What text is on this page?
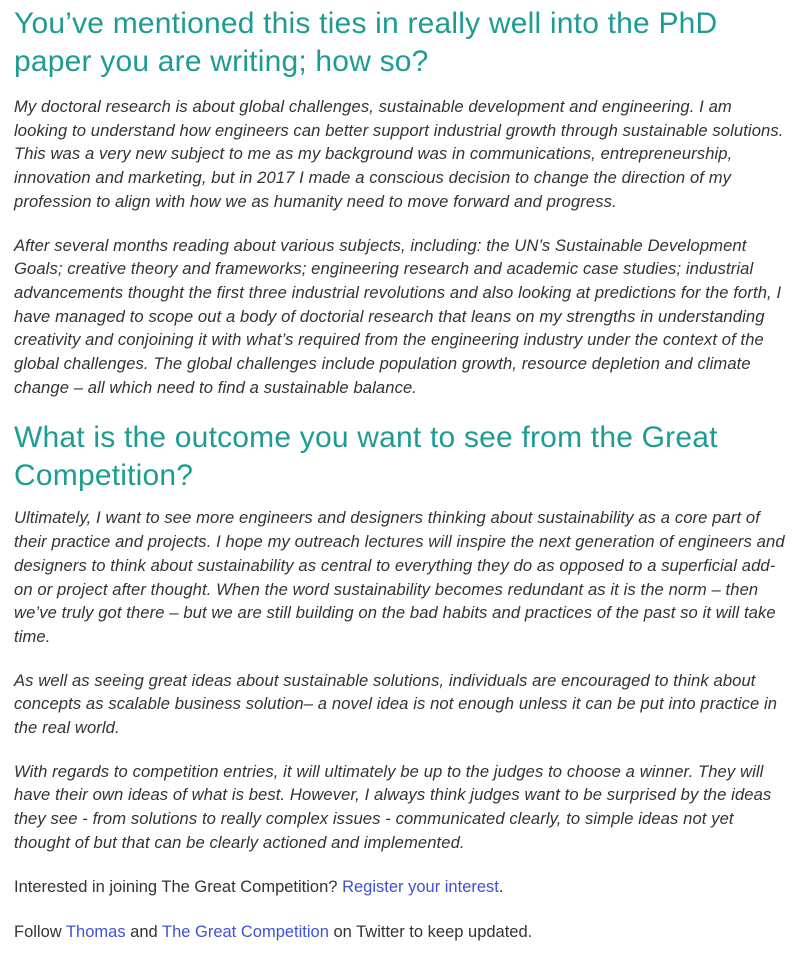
You’ve mentioned this ties in really well into the PhD paper you are writing; how so?

My doctoral research is about global challenges, sustainable development and engineering. I am looking to understand how engineers can better support industrial growth through sustainable solutions. This was a very new subject to me as my background was in communications, entrepreneurship, innovation and marketing, but in 2017 I made a conscious decision to change the direction of my profession to align with how we as humanity need to move forward and progress.

After several months reading about various subjects, including: the UN’s Sustainable Development Goals; creative theory and frameworks; engineering research and academic case studies; industrial advancements thought the first three industrial revolutions and also looking at predictions for the forth, I have managed to scope out a body of doctorial research that leans on my strengths in understanding creativity and conjoining it with what’s required from the engineering industry under the context of the global challenges. The global challenges include population growth, resource depletion and climate change – all which need to find a sustainable balance.

What is the outcome you want to see from the Great Competition?

Ultimately, I want to see more engineers and designers thinking about sustainability as a core part of their practice and projects. I hope my outreach lectures will inspire the next generation of engineers and designers to think about sustainability as central to everything they do as opposed to a superficial add-on or project after thought. When the word sustainability becomes redundant as it is the norm – then we’ve truly got there – but we are still building on the bad habits and practices of the past so it will take time.

As well as seeing great ideas about sustainable solutions, individuals are encouraged to think about concepts as scalable business solution– a novel idea is not enough unless it can be put into practice in the real world.

With regards to competition entries, it will ultimately be up to the judges to choose a winner. They will have their own ideas of what is best. However, I always think judges want to be surprised by the ideas they see - from solutions to really complex issues - communicated clearly, to simple ideas not yet thought of but that can be clearly actioned and implemented.

Interested in joining The Great Competition? Register your interest.

Follow Thomas and The Great Competition on Twitter to keep updated.
